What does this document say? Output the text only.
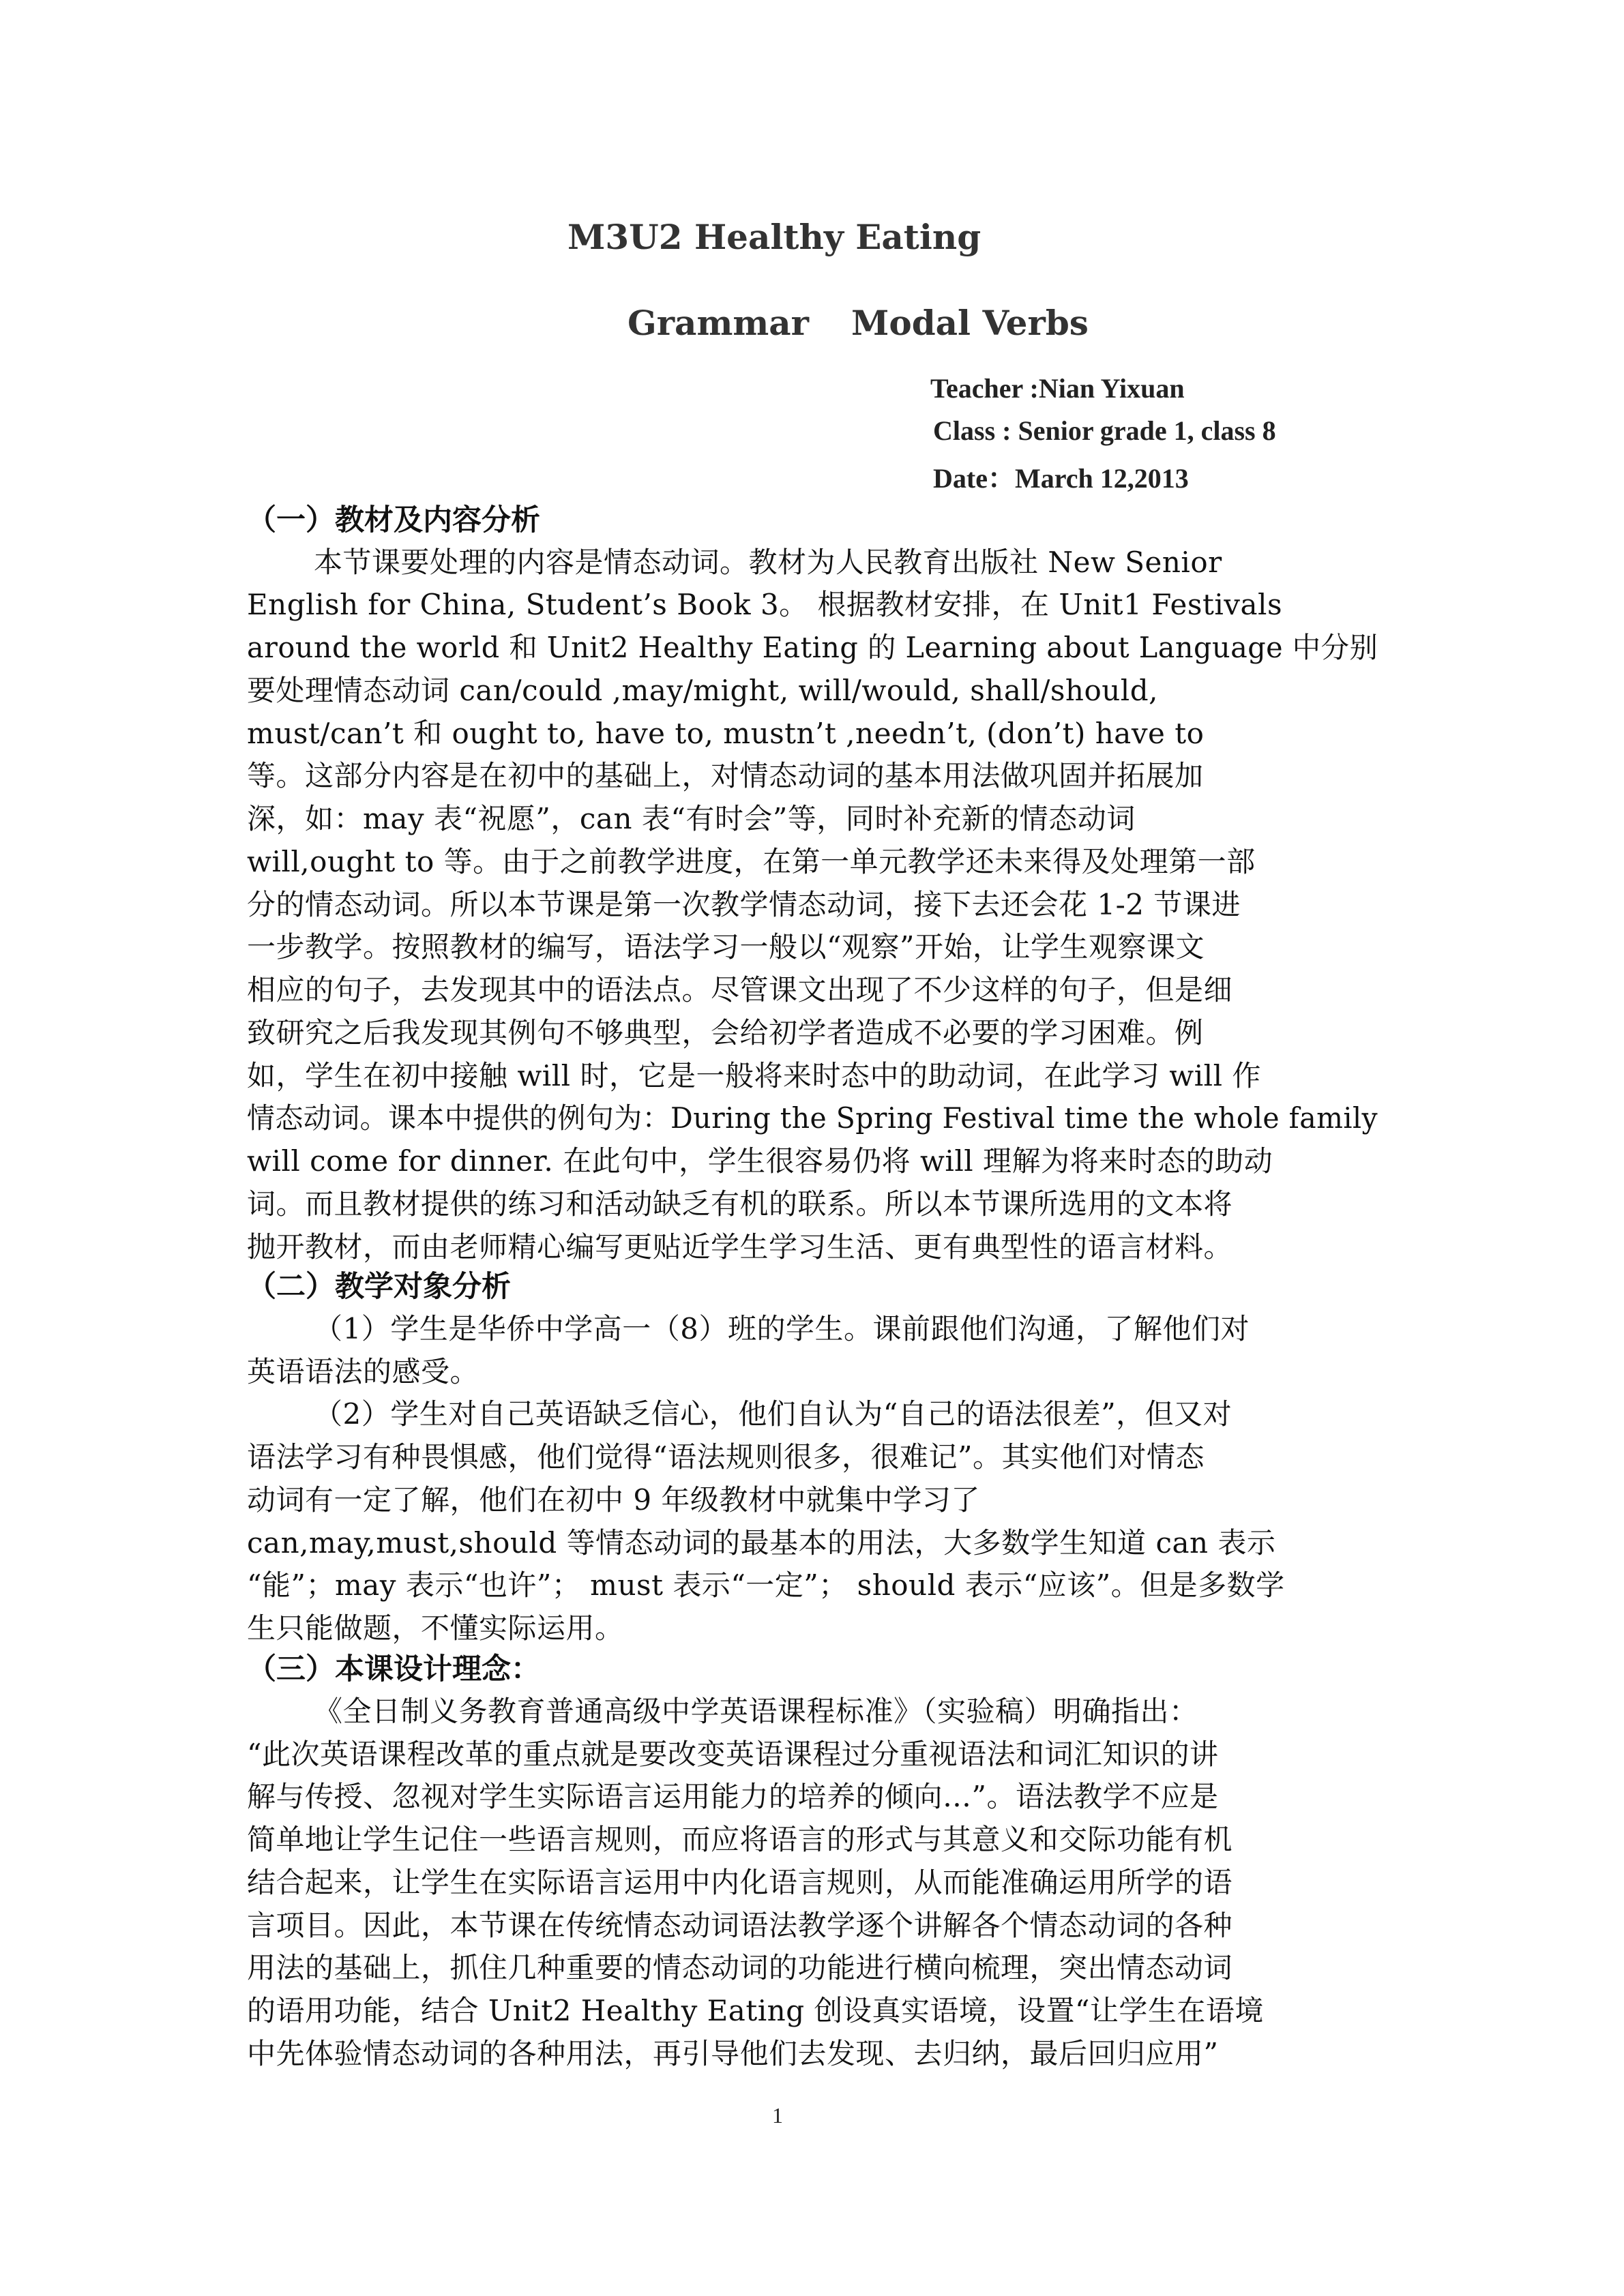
M3U2 Healthy Eating
Grammar Modal Verbs
Teacher :Nian Yixuan
Class : Senior grade 1, class 8
Date：March 12,2013
（一）教材及内容分析
本节课要处理的内容是情态动词。教材为人民教育出版社 New Senior
English for China, Student’s Book 3。 根据教材安排，在 Unit1 Festivals
around the world 和 Unit2 Healthy Eating 的 Learning about Language 中分别
要处理情态动词 can/could ,may/might, will/would, shall/should,
must/can’t 和 ought to, have to, mustn’t ,needn’t, (don’t) have to
等。这部分内容是在初中的基础上，对情态动词的基本用法做巩固并拓展加
深，如：may 表“祝愿”，can 表“有时会”等，同时补充新的情态动词
will,ought to 等。由于之前教学进度，在第一单元教学还未来得及处理第一部
分的情态动词。所以本节课是第一次教学情态动词，接下去还会花 1-2 节课进
一步教学。按照教材的编写，语法学习一般以“观察”开始，让学生观察课文
相应的句子，去发现其中的语法点。尽管课文出现了不少这样的句子，但是细
致研究之后我发现其例句不够典型，会给初学者造成不必要的学习困难。例
如，学生在初中接触 will 时，它是一般将来时态中的助动词，在此学习 will 作
情态动词。课本中提供的例句为：During the Spring Festival time the whole family
will come for dinner. 在此句中，学生很容易仍将 will 理解为将来时态的助动
词。而且教材提供的练习和活动缺乏有机的联系。所以本节课所选用的文本将
抛开教材，而由老师精心编写更贴近学生学习生活、更有典型性的语言材料。
（二）教学对象分析
（1）学生是华侨中学高一（8）班的学生。课前跟他们沟通，了解他们对
英语语法的感受。
（2）学生对自己英语缺乏信心，他们自认为“自己的语法很差”，但又对
语法学习有种畏惧感，他们觉得“语法规则很多，很难记”。其实他们对情态
动词有一定了解，他们在初中 9 年级教材中就集中学习了
can,may,must,should 等情态动词的最基本的用法，大多数学生知道 can 表示
“能”；may 表示“也许”； must 表示“一定”； should 表示“应该”。但是多数学
生只能做题，不懂实际运用。
（三）本课设计理念：
《全日制义务教育普通高级中学英语课程标准》（实验稿）明确指出：
“此次英语课程改革的重点就是要改变英语课程过分重视语法和词汇知识的讲
解与传授、忽视对学生实际语言运用能力的培养的倾向…”。语法教学不应是
简单地让学生记住一些语言规则，而应将语言的形式与其意义和交际功能有机
结合起来，让学生在实际语言运用中内化语言规则，从而能准确运用所学的语
言项目。因此，本节课在传统情态动词语法教学逐个讲解各个情态动词的各种
用法的基础上，抓住几种重要的情态动词的功能进行横向梳理，突出情态动词
的语用功能，结合 Unit2 Healthy Eating 创设真实语境，设置“让学生在语境
中先体验情态动词的各种用法，再引导他们去发现、去归纳，最后回归应用”
1
